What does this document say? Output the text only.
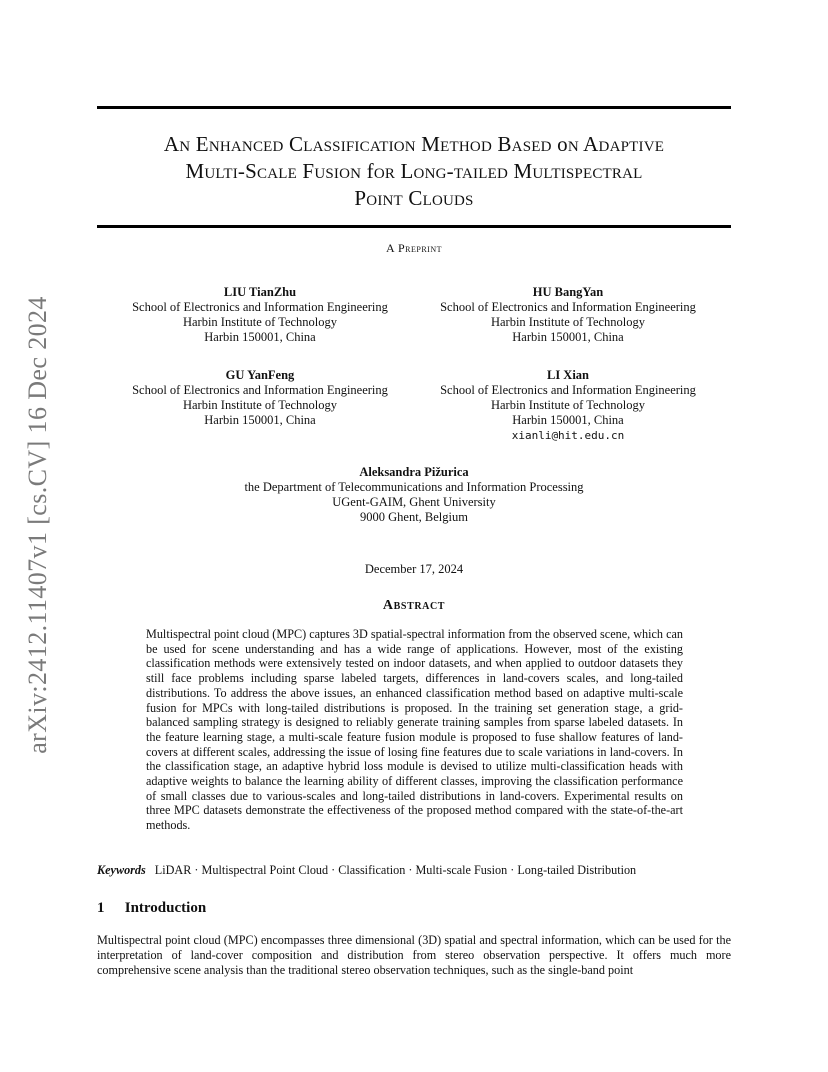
arXiv:2412.11407v1 [cs.CV] 16 Dec 2024
An Enhanced Classification Method Based on Adaptive
Multi-Scale Fusion for Long-tailed Multispectral
Point Clouds
A Preprint
LIU TianZhu
School of Electronics and Information Engineering
Harbin Institute of Technology
Harbin 150001, China
HU BangYan
School of Electronics and Information Engineering
Harbin Institute of Technology
Harbin 150001, China
GU YanFeng
School of Electronics and Information Engineering
Harbin Institute of Technology
Harbin 150001, China
LI Xian
School of Electronics and Information Engineering
Harbin Institute of Technology
Harbin 150001, China
xianli@hit.edu.cn
Aleksandra Pižurica
the Department of Telecommunications and Information Processing
UGent-GAIM, Ghent University
9000 Ghent, Belgium
December 17, 2024
Abstract
Multispectral point cloud (MPC) captures 3D spatial-spectral information from the observed scene, which can be used for scene understanding and has a wide range of applications. However, most of the existing classification methods were extensively tested on indoor datasets, and when applied to outdoor datasets they still face problems including sparse labeled targets, differences in land-covers scales, and long-tailed distributions. To address the above issues, an enhanced classification method based on adaptive multi-scale fusion for MPCs with long-tailed distributions is proposed. In the training set generation stage, a grid-balanced sampling strategy is designed to reliably generate training samples from sparse labeled datasets. In the feature learning stage, a multi-scale feature fusion module is proposed to fuse shallow features of land-covers at different scales, addressing the issue of losing fine features due to scale variations in land-covers. In the classification stage, an adaptive hybrid loss module is devised to utilize multi-classification heads with adaptive weights to balance the learning ability of different classes, improving the classification performance of small classes due to various-scales and long-tailed distributions in land-covers. Experimental results on three MPC datasets demonstrate the effectiveness of the proposed method compared with the state-of-the-art methods.
Keywords LiDAR · Multispectral Point Cloud · Classification · Multi-scale Fusion · Long-tailed Distribution
1 Introduction
Multispectral point cloud (MPC) encompasses three dimensional (3D) spatial and spectral information, which can be used for the interpretation of land-cover composition and distribution from stereo observation perspective. It offers much more comprehensive scene analysis than the traditional stereo observation techniques, such as the single-band point
